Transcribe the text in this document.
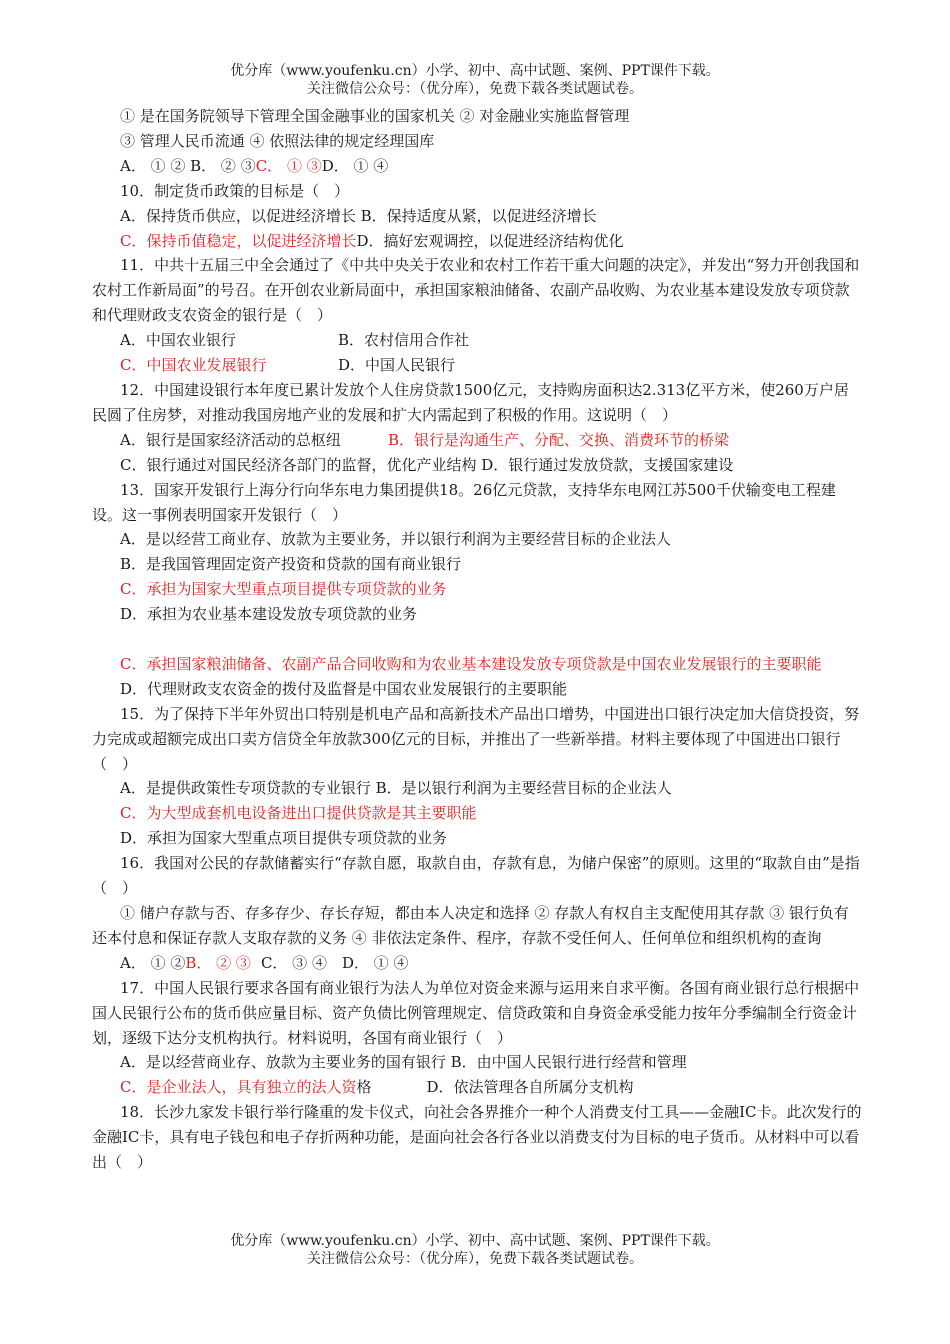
优分库（www.youfenku.cn）小学、初中、高中试题、案例、PPT课件下载。
关注微信公众号：（优分库），免费下载各类试题试卷。
① 是在国务院领导下管理全国金融事业的国家机关 ② 对金融业实施监督管理
③ 管理人民币流通 ④ 依照法律的规定经理国库
A． ① ② B． ② ③C． ① ③D． ① ④
10．制定货币政策的目标是（　）
A．保持货币供应，以促进经济增长 B．保持适度从紧，以促进经济增长
C．保持币值稳定，以促进经济增长D．搞好宏观调控，以促进经济结构优化
11．中共十五届三中全会通过了《中共中央关于农业和农村工作若干重大问题的决定》，并发出“努力开创我国和农村工作新局面”的号召。在开创农业新局面中，承担国家粮油储备、农副产品收购、为农业基本建设发放专项贷款和代理财政支农资金的银行是（　）
A．中国农业银行	B．农村信用合作社
C．中国农业发展银行	D．中国人民银行
12．中国建设银行本年度已累计发放个人住房贷款1500亿元，支持购房面积达2.313亿平方米，使260万户居民圆了住房梦，对推动我国房地产业的发展和扩大内需起到了积极的作用。这说明（　）
A．银行是国家经济活动的总枢纽	B．银行是沟通生产、分配、交换、消费环节的桥梁
C．银行通过对国民经济各部门的监督，优化产业结构 D．银行通过发放贷款，支援国家建设
13．国家开发银行上海分行向华东电力集团提供18。26亿元贷款，支持华东电网江苏500千伏输变电工程建设。这一事例表明国家开发银行（　）
A．是以经营工商业存、放款为主要业务，并以银行利润为主要经营目标的企业法人
B．是我国管理固定资产投资和贷款的国有商业银行
C．承担为国家大型重点项目提供专项贷款的业务
D．承担为农业基本建设发放专项贷款的业务
C．承担国家粮油储备、农副产品合同收购和为农业基本建设发放专项贷款是中国农业发展银行的主要职能
D．代理财政支农资金的拨付及监督是中国农业发展银行的主要职能
15．为了保持下半年外贸出口特别是机电产品和高新技术产品出口增势，中国进出口银行决定加大信贷投资，努力完成或超额完成出口卖方信贷全年放款300亿元的目标，并推出了一些新举措。材料主要体现了中国进出口银行（　）
A．是提供政策性专项贷款的专业银行 B．是以银行利润为主要经营目标的企业法人
C．为大型成套机电设备进出口提供贷款是其主要职能
D．承担为国家大型重点项目提供专项贷款的业务
16．我国对公民的存款储蓄实行“存款自愿，取款自由，存款有息，为储户保密”的原则。这里的“取款自由”是指（　）
① 储户存款与否、存多存少、存长存短，都由本人决定和选择 ② 存款人有权自主支配使用其存款 ③ 银行负有还本付息和保证存款人支取存款的义务 ④ 非依法定条件、程序，存款不受任何人、任何单位和组织机构的查询
A． ① ②B． ② ③ C． ③ ④　D． ① ④
17．中国人民银行要求各国有商业银行为法人为单位对资金来源与运用来自求平衡。各国有商业银行总行根据中国人民银行公布的货币供应量目标、资产负债比例管理规定、信贷政策和自身资金承受能力按年分季编制全行资金计划，逐级下达分支机构执行。材料说明，各国有商业银行（　）
A．是以经营商业存、放款为主要业务的国有银行 B．由中国人民银行进行经营和管理
C．是企业法人，具有独立的法人资格	D．依法管理各自所属分支机构
18．长沙九家发卡银行举行隆重的发卡仪式，向社会各界推介一种个人消费支付工具——金融IC卡。此次发行的金融IC卡，具有电子钱包和电子存折两种功能，是面向社会各行各业以消费支付为目标的电子货币。从材料中可以看出（　）
优分库（www.youfenku.cn）小学、初中、高中试题、案例、PPT课件下载。
关注微信公众号：（优分库），免费下载各类试题试卷。
